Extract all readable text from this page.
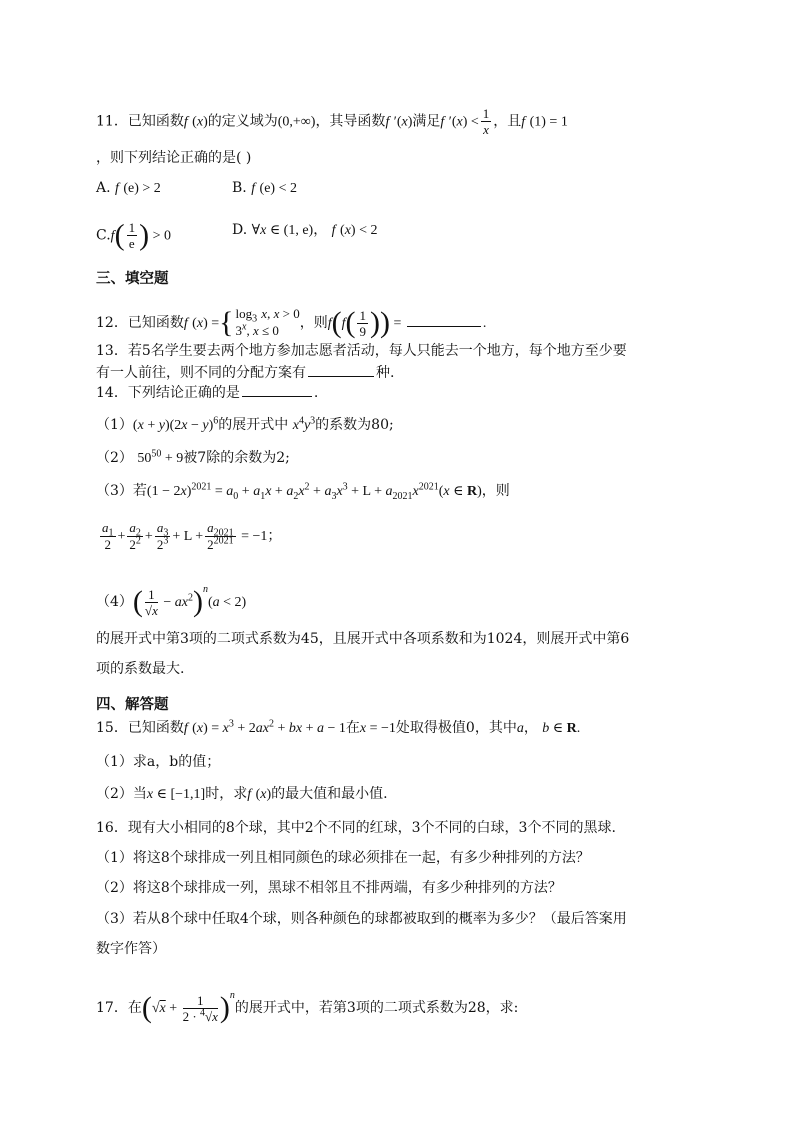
11．已知函数f (x)的定义域为(0,+∞)，其导函数f ′(x)满足f $'(x) < \frac{1}{x}$ ，且f (1) = 1
，则下列结论正确的是( )
A. f (e) > 2	B. f (e) < 2
$C.f( \frac{1}{e}$ ) > 0	D. ∀x ∈ (1, e)， f (x) < 2
三、填空题
12．已知函数f (x) ={ $\log_3 x$, x > 0
3$^x$, x ≤ 0	，则$f(f( \frac{1}{9}$ )) =	.
13．若5名学生要去两个地方参加志愿者活动，每人只能去一个地方，每个地方至少要
有一人前往，则不同的分配方案有	种.
14．下列结论正确的是	.
$(1)(x + y)(2x - y)^6$的展开式中 $x^4y^3$的系数为80;
（2） $50^{50} + 9$被7除的余数为2;
（3）若$(1 - 2x)^{2021} = a_0 + a_1x + a_2x^2 + a_3x^3 + L + a_{2021}x^{2021}(x$ ∈ R)，则
$\frac{a_1}{2} + \frac{a_2}{2^2} + \frac{a_3}{2^3} + L + \frac{a_{2021}}{2^{2021}} = -1$；
$(4)( \frac{1}{√x} - ax^2)^n(a < 2)$
的展开式中第3项的二项式系数为45，且展开式中各项系数和为1024，则展开式中第6
项的系数最大.
四、解答题
15．已知函数f $(x) = x^3 + 2ax^2$ + bx + a − 1在x = −1处取得极值0，其中a， b ∈ R.
（1）求a，b的值；
（2）当x ∈ [−1,1]时，求f (x)的最大值和最小值.
16．现有大小相同的8个球，其中2个不同的红球，3个不同的白球，3个不同的黑球.
（1）将这8个球排成一列且相同颜色的球必须排在一起，有多少种排列的方法？
（2）将这8个球排成一列，黑球不相邻且不排两端，有多少种排列的方法？
（3）若从8个球中任取4个球，则各种颜色的球都被取到的概率为多少？（最后答案用
数字作答）
17．在$(√x + \frac{1}{2 \cdot ^4√x} )^n$的展开式中，若第3项的二项式系数为28，求:
